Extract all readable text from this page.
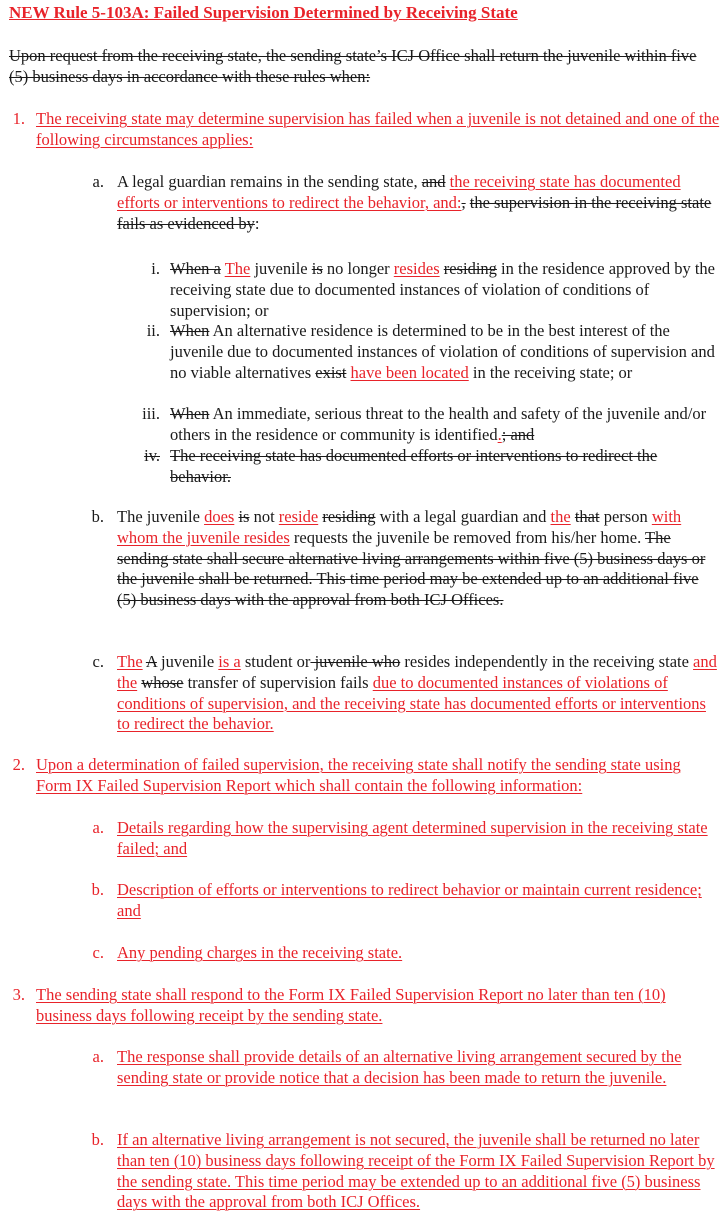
NEW Rule 5-103A: Failed Supervision Determined by Receiving State
Upon request from the receiving state, the sending state’s ICJ Office shall return the juvenile within five (5) business days in accordance with these rules when:
1. The receiving state may determine supervision has failed when a juvenile is not detained and one of the following circumstances applies:
a. A legal guardian remains in the sending state, and the receiving state has documented efforts or interventions to redirect the behavior, and:, the supervision in the receiving state fails as evidenced by:
i. When a The juvenile is no longer resides residing in the residence approved by the receiving state due to documented instances of violation of conditions of supervision; or
ii. When An alternative residence is determined to be in the best interest of the juvenile due to documented instances of violation of conditions of supervision and no viable alternatives exist have been located in the receiving state; or
iii. When An immediate, serious threat to the health and safety of the juvenile and/or others in the residence or community is identified.; and
iv. The receiving state has documented efforts or interventions to redirect the behavior.
b. The juvenile does is not reside residing with a legal guardian and the that person with whom the juvenile resides requests the juvenile be removed from his/her home. The sending state shall secure alternative living arrangements within five (5) business days or the juvenile shall be returned. This time period may be extended up to an additional five (5) business days with the approval from both ICJ Offices.
c. The A juvenile is a student or juvenile who resides independently in the receiving state and the whose transfer of supervision fails due to documented instances of violations of conditions of supervision, and the receiving state has documented efforts or interventions to redirect the behavior.
2. Upon a determination of failed supervision, the receiving state shall notify the sending state using Form IX Failed Supervision Report which shall contain the following information:
a. Details regarding how the supervising agent determined supervision in the receiving state failed; and
b. Description of efforts or interventions to redirect behavior or maintain current residence; and
c. Any pending charges in the receiving state.
3. The sending state shall respond to the Form IX Failed Supervision Report no later than ten (10) business days following receipt by the sending state.
a. The response shall provide details of an alternative living arrangement secured by the sending state or provide notice that a decision has been made to return the juvenile.
b. If an alternative living arrangement is not secured, the juvenile shall be returned no later than ten (10) business days following receipt of the Form IX Failed Supervision Report by the sending state. This time period may be extended up to an additional five (5) business days with the approval from both ICJ Offices.
